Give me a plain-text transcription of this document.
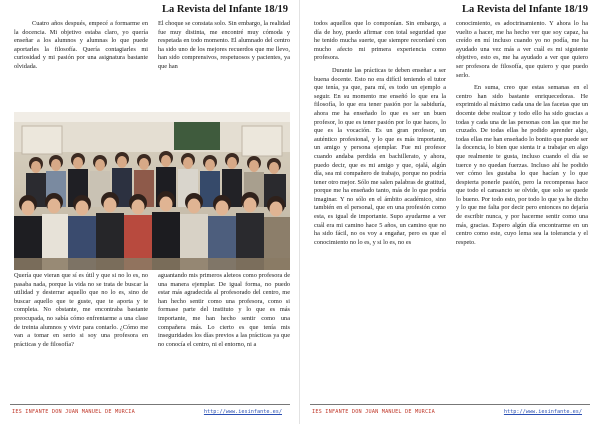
La Revista del Infante 18/19

Cuatro años después, empecé a formarme en la docencia. Mi objetivo estaba claro, yo quería enseñar a los alumnos y alumnas lo que puede aportarles la filosofía. Quería contagiarles mi curiosidad y mi pasión por una asignatura bastante olvidada.

El choque se constata solo. Sin embargo, la realidad fue muy distinta, me encontré muy cómoda y respetada en todo momento. El alumnado del centro ha sido uno de los mejores recuerdos que me llevo, han sido comprensivos, respetuosos y pacientes, ya que han

Quería que vieran que sí es útil y que si no lo es, no pasaba nada, porque la vida no se trata de buscar la utilidad y desterrar aquello que no lo es, sino de buscar aquello que te guste, que te aporta y te completa. No obstante, me encontraba bastante preocupada, no sabía cómo enfrentarme a una clase de treinta alumnos y vivir para contarlo. ¿Cómo me van a tomar en serio si soy una profesora en prácticas y de filosofía?

aguantando mis primeros aleteos como profesora de una manera ejemplar. De igual forma, no puedo estar más agradecida al profesorado del centro, me han hecho sentir como una profesora, como si formase parte del instituto y lo que es más importante, me han hecho sentir como una compañera más. Lo cierto es que tenía mis inseguridades los días previos a las prácticas ya que no conocía el centro, ni el entorno, ni a

IES INFANTE DON JUAN MANUEL DE MURCIA	http://www.iesinfante.es/
La Revista del Infante 18/19

todos aquellos que lo componían. Sin embargo, a día de hoy, puedo afirmar con total seguridad que he tenido mucha suerte, que siempre recordaré con mucho afecto mi primera experiencia como profesora.

Durante las prácticas te deben enseñar a ser buena docente. Esto no era difícil teniendo el tutor que tenía, ya que, para mí, es todo un ejemplo a seguir. En su momento me enseñó lo que era la filosofía, lo que era tener pasión por la sabiduría, ahora me ha enseñado lo que es ser un buen profesor, lo que es tener pasión por lo que haces, lo que es la vocación. Es un gran profesor, un auténtico profesional, y lo que es más importante, un amigo y persona ejemplar. Fue mi profesor cuando andaba perdida en bachillerato, y ahora, puedo decir, que es mi amigo y que, ojalá, algún día, sea mi compañero de trabajo, porque no podría tener otro mejor. Sólo me salen palabras de gratitud, porque me ha enseñado tanto, más de lo que podría imaginar. Y no sólo en el ámbito académico, sino también en el personal, que en una profesión como esta, es igual de importante. Supo ayudarme a ver cuál era mi camino hace 5 años, un camino que no ha sido fácil, no os voy a engañar, pero es que el conocimiento no lo es, y si lo es, no es

conocimiento, es adoctrinamiento. Y ahora lo ha vuelto a hacer, me ha hecho ver que soy capaz, ha creído en mí incluso cuando yo no podía, me ha ayudado una vez más a ver cuál es mi siguiente objetivo, esto es, me ha ayudado a ver que quiero ser profesora de filosofía, que quiero y que puedo serlo.

En suma, creo que estas semanas en el centro han sido bastante enriquecedoras. He exprimido al máximo cada una de las facetas que un docente debe realizar y todo ello ha sido gracias a todas y cada una de las personas con las que me he cruzado. De todas ellas he podido aprender algo, todas ellas me han enseñado lo bonito que puede ser la docencia, lo bien que sienta ir a trabajar en algo que realmente te gusta, incluso cuando el día se tuerce y no quedan fuerzas. Incluso ahí he podido ver cómo les gustaba lo que hacían y lo que despierta ponerle pasión, pero la recompensa hace que todo el cansancio se olvide, que solo se quede lo bueno. Por todo esto, por todo lo que ya he dicho y lo que me falta por decir pero entonces no dejaría de escribir nunca, y por hacerme sentir como una más, gracias. Espero algún día encontrarme en un centro como este, cuyo lema sea la tolerancia y el respeto.

IES INFANTE DON JUAN MANUEL DE MURCIA	http://www.iesinfante.es/
